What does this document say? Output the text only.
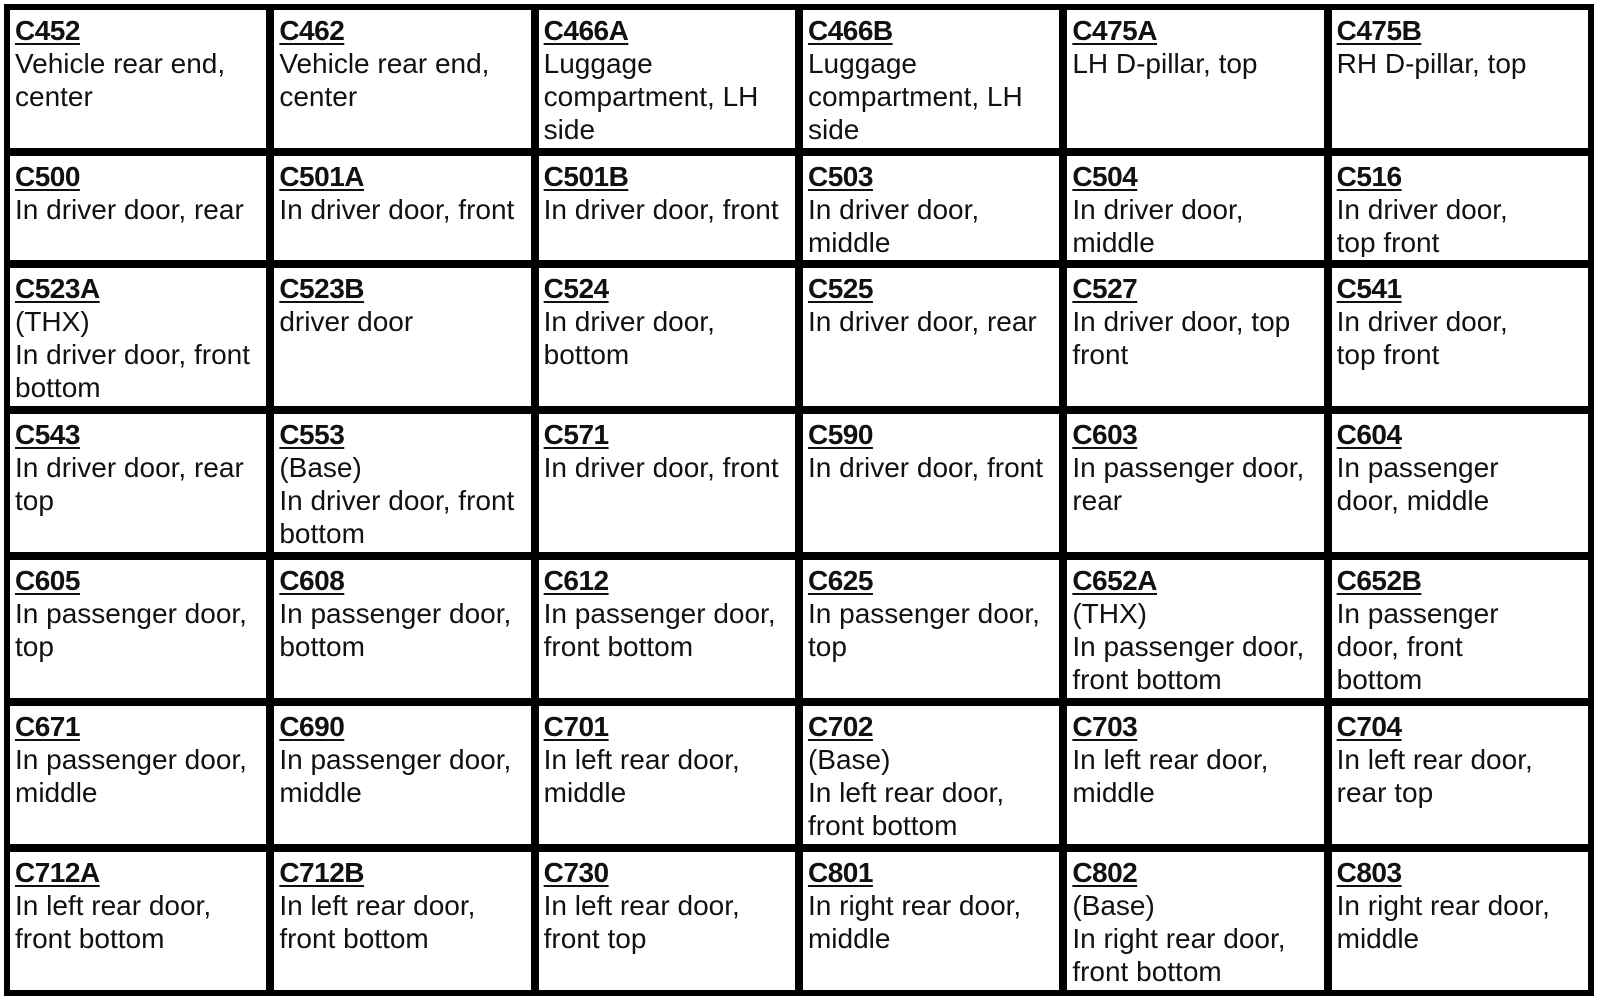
C452
Vehicle rear end,
center	C462
Vehicle rear end,
center	C466A
Luggage
compartment, LH
side	C466B
Luggage
compartment, LH
side	C475A
LH D-pillar, top	C475B
RH D-pillar, top

C500
In driver door, rear	C501A
In driver door, front	C501B
In driver door, front	C503
In driver door,
middle	C504
In driver door,
middle	C516
In driver door,
top front

C523A
(THX)
In driver door, front
bottom	C523B
driver door	C524
In driver door,
bottom	C525
In driver door, rear	C527
In driver door, top
front	C541
In driver door,
top front

C543
In driver door, rear
top	C553
(Base)
In driver door, front
bottom	C571
In driver door, front	C590
In driver door, front	C603
In passenger door,
rear	C604
In passenger
door, middle

C605
In passenger door,
top	C608
In passenger door,
bottom	C612
In passenger door,
front bottom	C625
In passenger door,
top	C652A
(THX)
In passenger door,
front bottom	C652B
In passenger
door, front
bottom

C671
In passenger door,
middle	C690
In passenger door,
middle	C701
In left rear door,
middle	C702
(Base)
In left rear door,
front bottom	C703
In left rear door,
middle	C704
In left rear door,
rear top

C712A
In left rear door,
front bottom	C712B
In left rear door,
front bottom	C730
In left rear door,
front top	C801
In right rear door,
middle	C802
(Base)
In right rear door,
front bottom	C803
In right rear door,
middle
